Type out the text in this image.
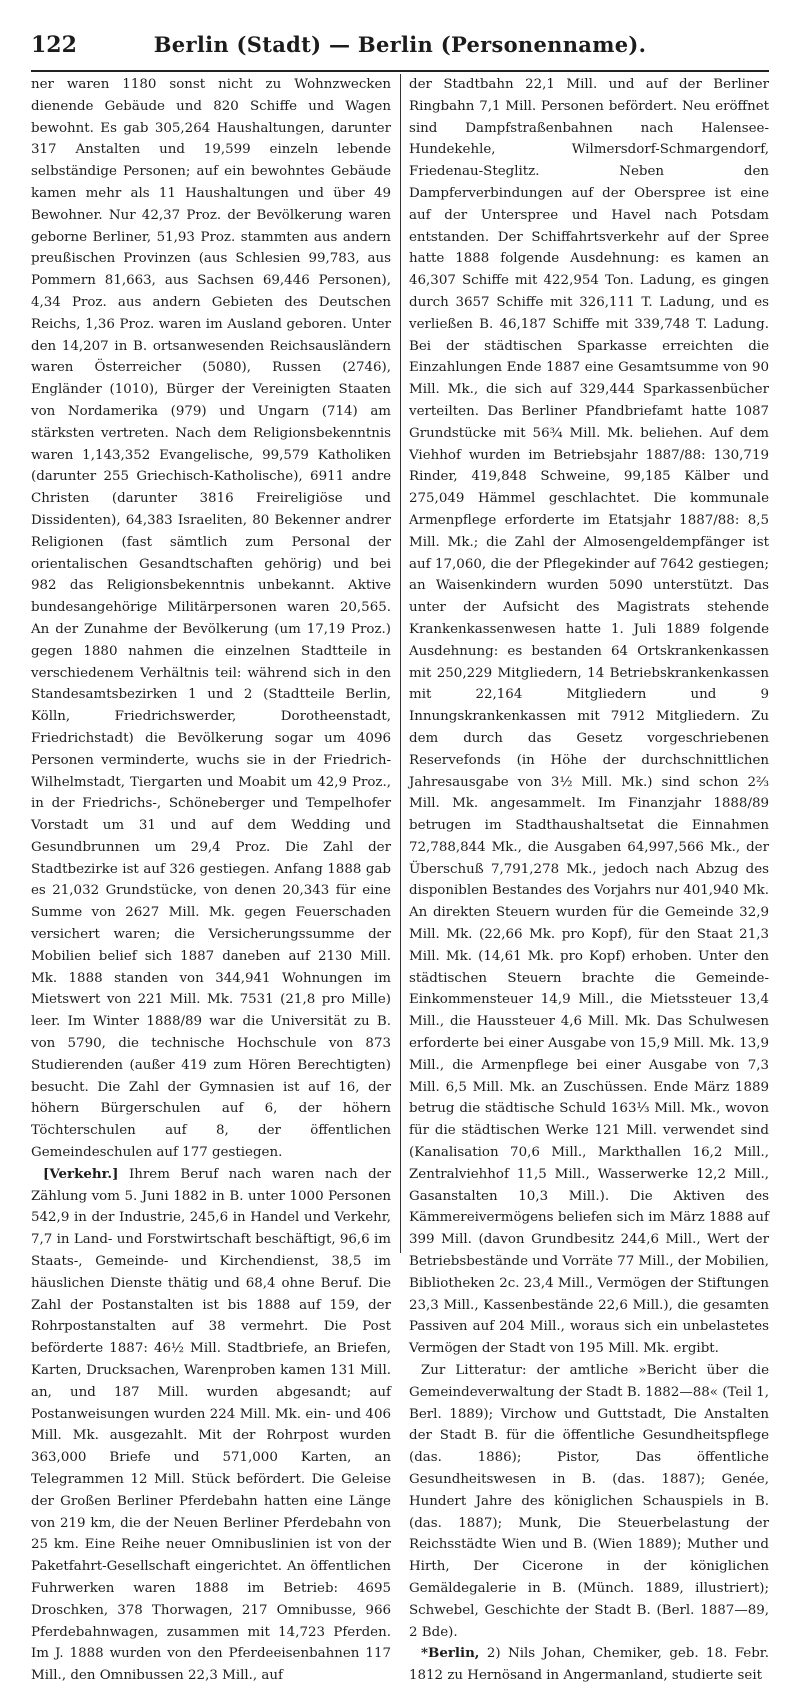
122	Berlin (Stadt) — Berlin (Personenname).

ner waren 1180 sonst nicht zu Wohnzwecken dienende Gebäude und 820 Schiffe und Wagen bewohnt. Es gab 305,264 Haushaltungen, darunter 317 Anstalten und 19,599 einzeln lebende selbständige Personen; auf ein bewohntes Gebäude kamen mehr als 11 Haushaltungen und über 49 Bewohner. Nur 42,37 Proz. der Bevölkerung waren geborne Berliner, 51,93 Proz. stammten aus andern preußischen Provinzen (aus Schlesien 99,783, aus Pommern 81,663, aus Sachsen 69,446 Personen), 4,34 Proz. aus andern Gebieten des Deutschen Reichs, 1,36 Proz. waren im Ausland geboren. Unter den 14,207 in B. ortsanwesenden Reichsausländern waren Österreicher (5080), Russen (2746), Engländer (1010), Bürger der Vereinigten Staaten von Nordamerika (979) und Ungarn (714) am stärksten vertreten. Nach dem Religionsbekenntnis waren 1,143,352 Evangelische, 99,579 Katholiken (darunter 255 Griechisch-Katholische), 6911 andre Christen (darunter 3816 Freireligiöse und Dissidenten), 64,383 Israeliten, 80 Bekenner andrer Religionen (fast sämtlich zum Personal der orientalischen Gesandtschaften gehörig) und bei 982 das Religionsbekenntnis unbekannt. Aktive bundesangehörige Militärpersonen waren 20,565. An der Zunahme der Bevölkerung (um 17,19 Proz.) gegen 1880 nahmen die einzelnen Stadtteile in verschiedenem Verhältnis teil: während sich in den Standesamtsbezirken 1 und 2 (Stadtteile Berlin, Kölln, Friedrichswerder, Dorotheenstadt, Friedrichstadt) die Bevölkerung sogar um 4096 Personen verminderte, wuchs sie in der Friedrich-Wilhelmstadt, Tiergarten und Moabit um 42,9 Proz., in der Friedrichs-, Schöneberger und Tempelhofer Vorstadt um 31 und auf dem Wedding und Gesundbrunnen um 29,4 Proz. Die Zahl der Stadtbezirke ist auf 326 gestiegen. Anfang 1888 gab es 21,032 Grundstücke, von denen 20,343 für eine Summe von 2627 Mill. Mk. gegen Feuerschaden versichert waren; die Versicherungssumme der Mobilien belief sich 1887 daneben auf 2130 Mill. Mk. 1888 standen von 344,941 Wohnungen im Mietswert von 221 Mill. Mk. 7531 (21,8 pro Mille) leer. Im Winter 1888/89 war die Universität zu B. von 5790, die technische Hochschule von 873 Studierenden (außer 419 zum Hören Berechtigten) besucht. Die Zahl der Gymnasien ist auf 16, der höhern Bürgerschulen auf 6, der höhern Töchterschulen auf 8, der öffentlichen Gemeindeschulen auf 177 gestiegen.

[Verkehr.] Ihrem Beruf nach waren nach der Zählung vom 5. Juni 1882 in B. unter 1000 Personen 542,9 in der Industrie, 245,6 in Handel und Verkehr, 7,7 in Land- und Forstwirtschaft beschäftigt, 96,6 im Staats-, Gemeinde- und Kirchendienst, 38,5 im häuslichen Dienste thätig und 68,4 ohne Beruf. Die Zahl der Postanstalten ist bis 1888 auf 159, der Rohrpostanstalten auf 38 vermehrt. Die Post beförderte 1887: 46½ Mill. Stadtbriefe, an Briefen, Karten, Drucksachen, Warenproben kamen 131 Mill. an, und 187 Mill. wurden abgesandt; auf Postanweisungen wurden 224 Mill. Mk. ein- und 406 Mill. Mk. ausgezahlt. Mit der Rohrpost wurden 363,000 Briefe und 571,000 Karten, an Telegrammen 12 Mill. Stück befördert. Die Geleise der Großen Berliner Pferdebahn hatten eine Länge von 219 km, die der Neuen Berliner Pferdebahn von 25 km. Eine Reihe neuer Omnibuslinien ist von der Paketfahrt-Gesellschaft eingerichtet. An öffentlichen Fuhrwerken waren 1888 im Betrieb: 4695 Droschken, 378 Thorwagen, 217 Omnibusse, 966 Pferdebahnwagen, zusammen mit 14,723 Pferden. Im J. 1888 wurden von den Pferdeeisenbahnen 117 Mill., den Omnibussen 22,3 Mill., auf

der Stadtbahn 22,1 Mill. und auf der Berliner Ringbahn 7,1 Mill. Personen befördert. Neu eröffnet sind Dampfstraßenbahnen nach Halensee-Hundekehle, Wilmersdorf-Schmargendorf, Friedenau-Steglitz. Neben den Dampferverbindungen auf der Oberspree ist eine auf der Unterspree und Havel nach Potsdam entstanden. Der Schiffahrtsverkehr auf der Spree hatte 1888 folgende Ausdehnung: es kamen an 46,307 Schiffe mit 422,954 Ton. Ladung, es gingen durch 3657 Schiffe mit 326,111 T. Ladung, und es verließen B. 46,187 Schiffe mit 339,748 T. Ladung. Bei der städtischen Sparkasse erreichten die Einzahlungen Ende 1887 eine Gesamtsumme von 90 Mill. Mk., die sich auf 329,444 Sparkassenbücher verteilten. Das Berliner Pfandbriefamt hatte 1087 Grundstücke mit 56¾ Mill. Mk. beliehen. Auf dem Viehhof wurden im Betriebsjahr 1887/88: 130,719 Rinder, 419,848 Schweine, 99,185 Kälber und 275,049 Hämmel geschlachtet. Die kommunale Armenpflege erforderte im Etatsjahr 1887/88: 8,5 Mill. Mk.; die Zahl der Almosengeldempfänger ist auf 17,060, die der Pflegekinder auf 7642 gestiegen; an Waisenkindern wurden 5090 unterstützt. Das unter der Aufsicht des Magistrats stehende Krankenkassenwesen hatte 1. Juli 1889 folgende Ausdehnung: es bestanden 64 Ortskrankenkassen mit 250,229 Mitgliedern, 14 Betriebskrankenkassen mit 22,164 Mitgliedern und 9 Innungskrankenkassen mit 7912 Mitgliedern. Zu dem durch das Gesetz vorgeschriebenen Reservefonds (in Höhe der durchschnittlichen Jahresausgabe von 3½ Mill. Mk.) sind schon 2⅔ Mill. Mk. angesammelt. Im Finanzjahr 1888/89 betrugen im Stadthaushaltsetat die Einnahmen 72,788,844 Mk., die Ausgaben 64,997,566 Mk., der Überschuß 7,791,278 Mk., jedoch nach Abzug des disponiblen Bestandes des Vorjahrs nur 401,940 Mk. An direkten Steuern wurden für die Gemeinde 32,9 Mill. Mk. (22,66 Mk. pro Kopf), für den Staat 21,3 Mill. Mk. (14,61 Mk. pro Kopf) erhoben. Unter den städtischen Steuern brachte die Gemeinde-Einkommensteuer 14,9 Mill., die Mietssteuer 13,4 Mill., die Haussteuer 4,6 Mill. Mk. Das Schulwesen erforderte bei einer Ausgabe von 15,9 Mill. Mk. 13,9 Mill., die Armenpflege bei einer Ausgabe von 7,3 Mill. 6,5 Mill. Mk. an Zuschüssen. Ende März 1889 betrug die städtische Schuld 163⅓ Mill. Mk., wovon für die städtischen Werke 121 Mill. verwendet sind (Kanalisation 70,6 Mill., Markthallen 16,2 Mill., Zentralviehhof 11,5 Mill., Wasserwerke 12,2 Mill., Gasanstalten 10,3 Mill.). Die Aktiven des Kämmereivermögens beliefen sich im März 1888 auf 399 Mill. (davon Grundbesitz 244,6 Mill., Wert der Betriebsbestände und Vorräte 77 Mill., der Mobilien, Bibliotheken 2c. 23,4 Mill., Vermögen der Stiftungen 23,3 Mill., Kassenbestände 22,6 Mill.), die gesamten Passiven auf 204 Mill., woraus sich ein unbelastetes Vermögen der Stadt von 195 Mill. Mk. ergibt.

Zur Litteratur: der amtliche »Bericht über die Gemeindeverwaltung der Stadt B. 1882—88« (Teil 1, Berl. 1889); Virchow und Guttstadt, Die Anstalten der Stadt B. für die öffentliche Gesundheitspflege (das. 1886); Pistor, Das öffentliche Gesundheitswesen in B. (das. 1887); Genée, Hundert Jahre des königlichen Schauspiels in B. (das. 1887); Munk, Die Steuerbelastung der Reichsstädte Wien und B. (Wien 1889); Muther und Hirth, Der Cicerone in der königlichen Gemäldegalerie in B. (Münch. 1889, illustriert); Schwebel, Geschichte der Stadt B. (Berl. 1887—89, 2 Bde).

*Berlin, 2) Nils Johan, Chemiker, geb. 18. Febr. 1812 zu Hernösand in Angermanland, studierte seit
